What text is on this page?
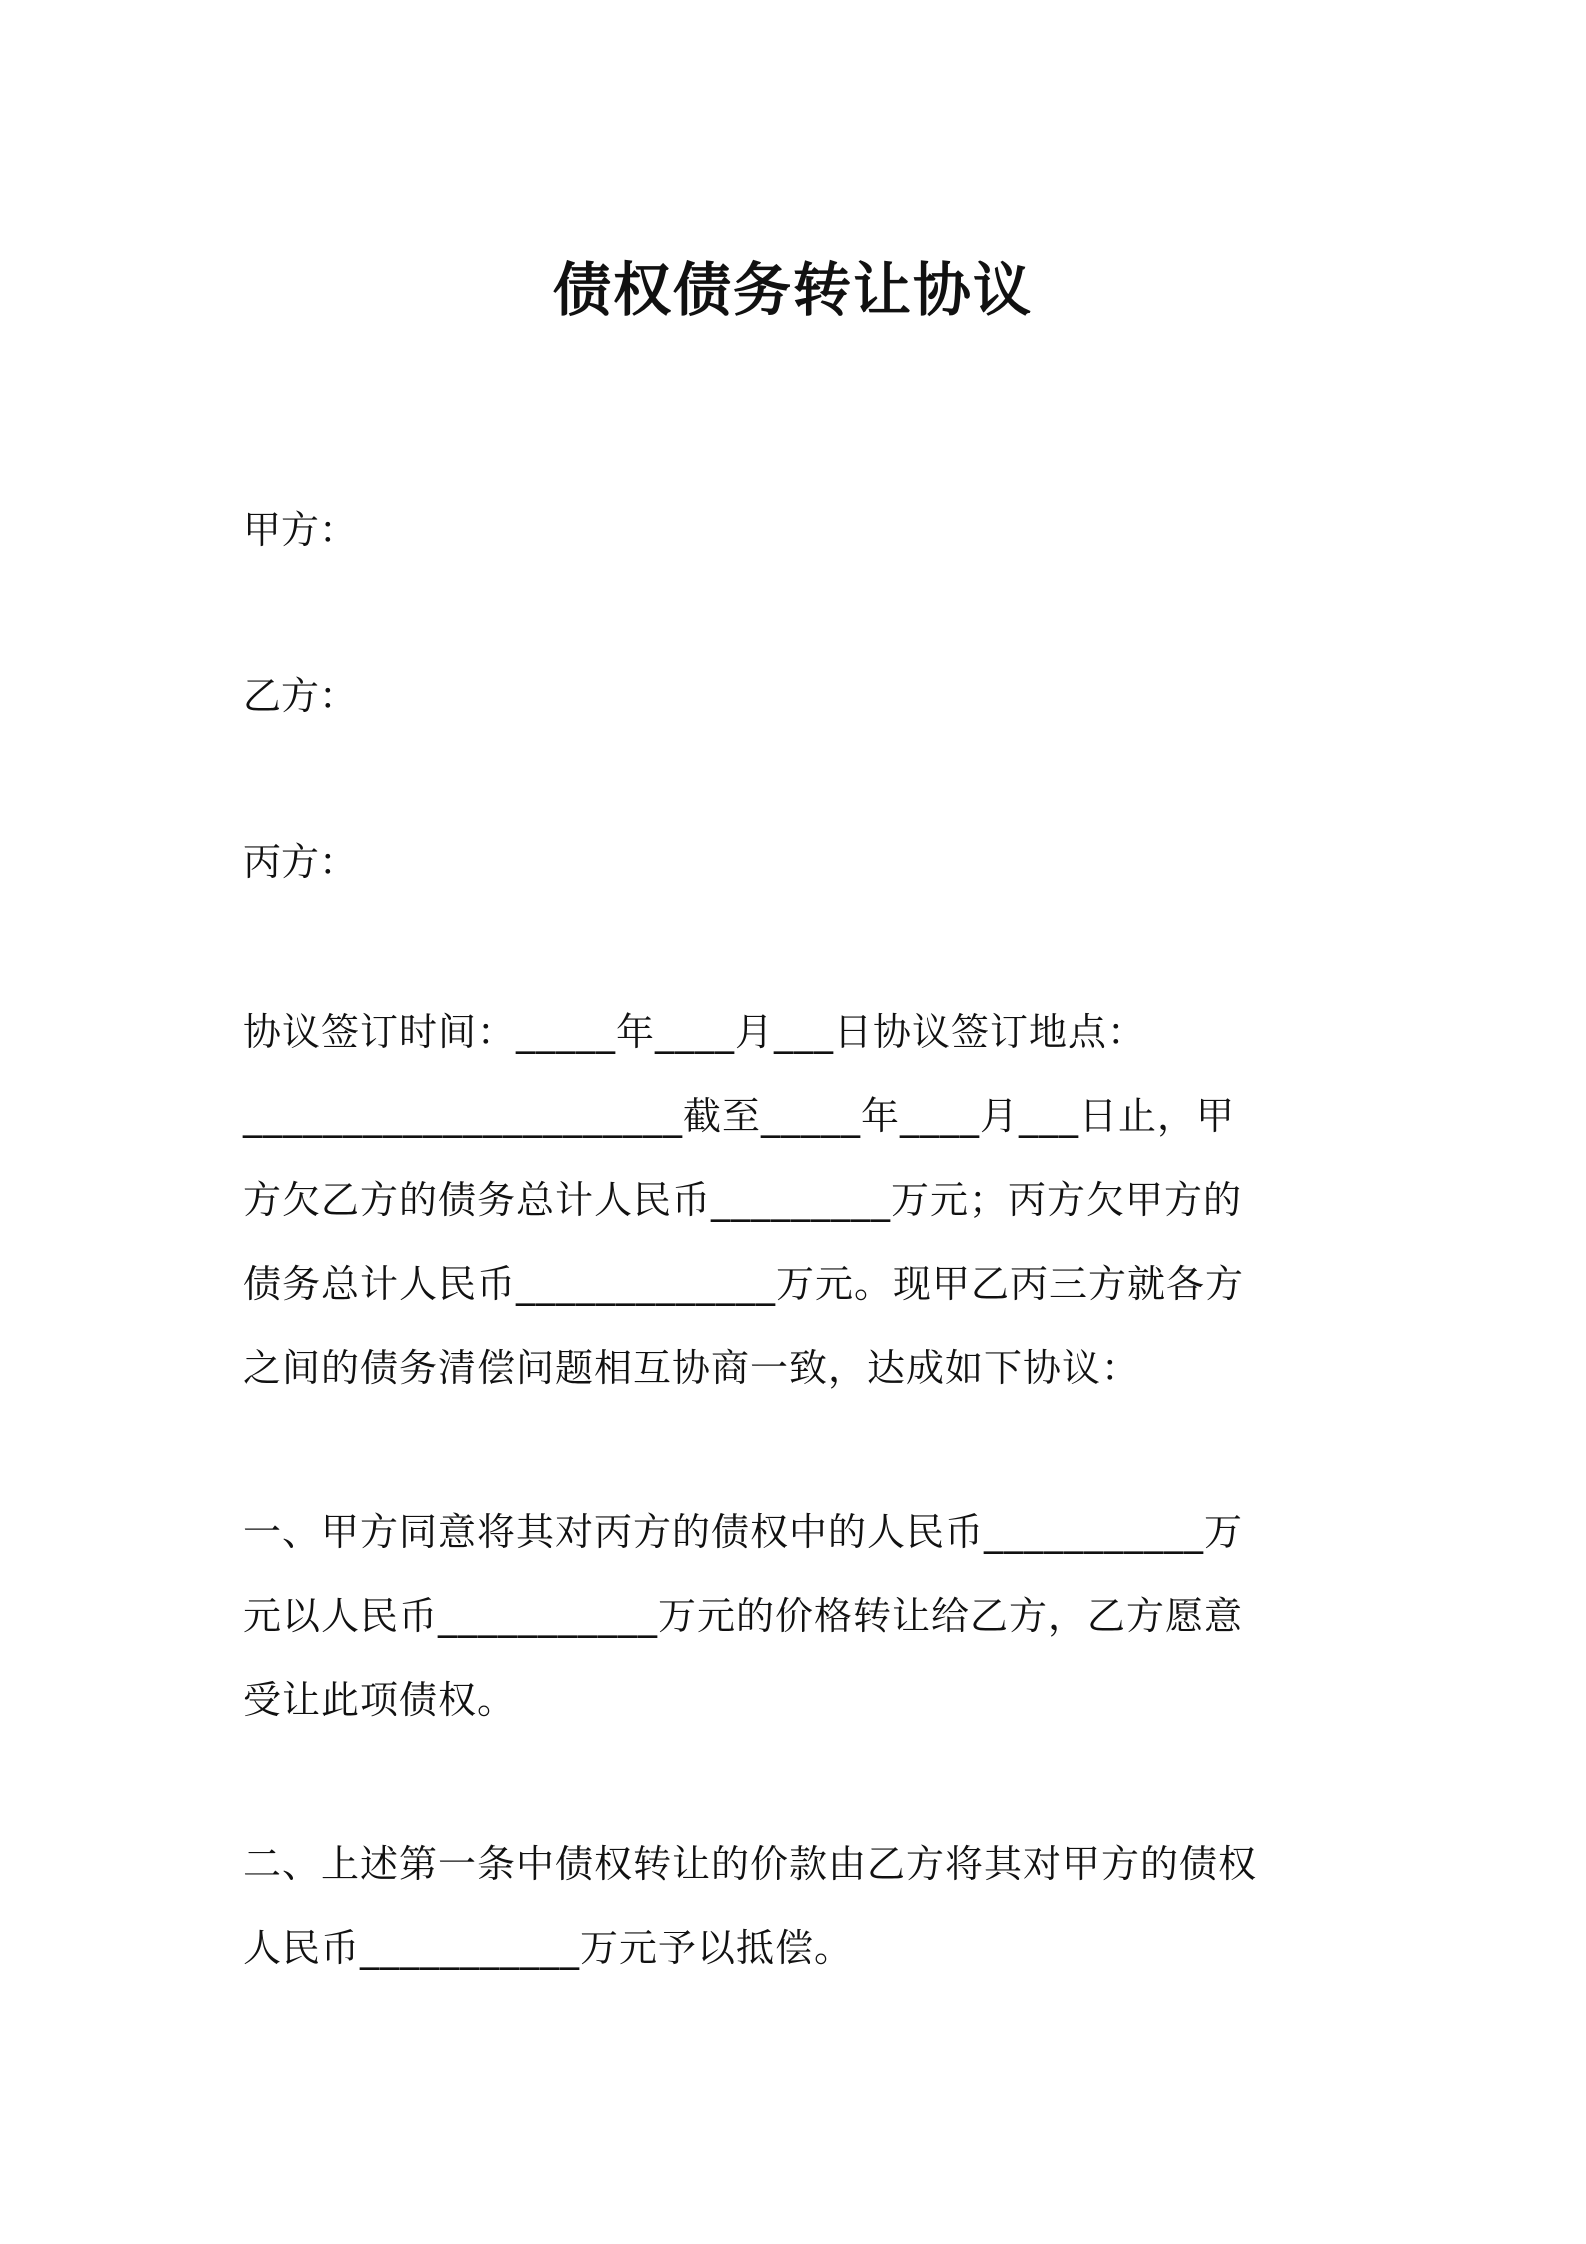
债权债务转让协议
甲方：
乙方：
丙方：

协议签订时间：_____年____月___日协议签订地点：
______________________截至_____年____月___日止，甲
方欠乙方的债务总计人民币_________万元；丙方欠甲方的
债务总计人民币_____________万元。现甲乙丙三方就各方
之间的债务清偿问题相互协商一致，达成如下协议：

一、甲方同意将其对丙方的债权中的人民币___________万
元以人民币___________万元的价格转让给乙方，乙方愿意
受让此项债权。

二、上述第一条中债权转让的价款由乙方将其对甲方的债权
人民币___________万元予以抵偿。
